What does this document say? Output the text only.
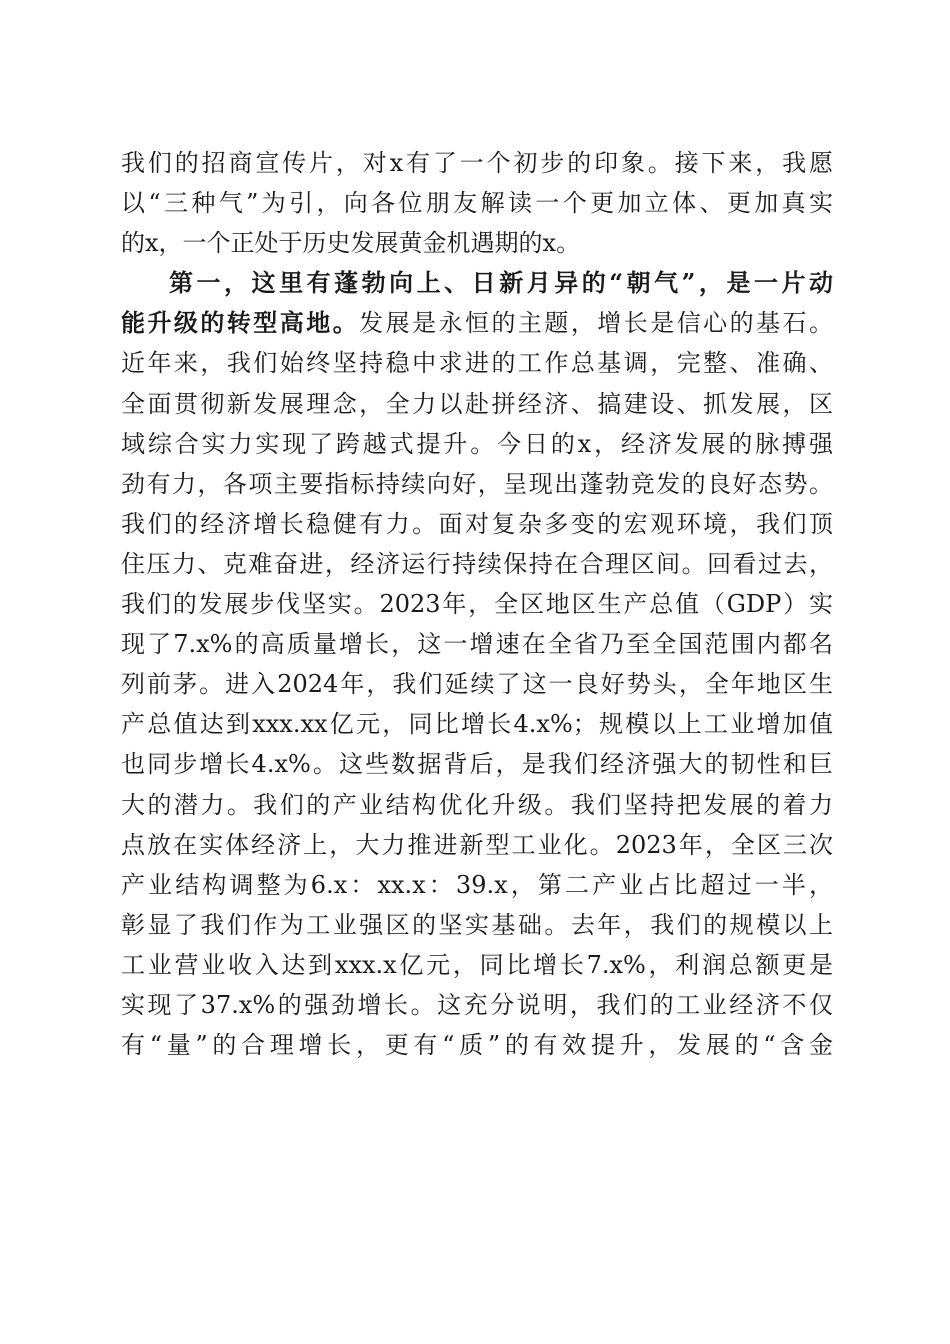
我们的招商宣传片，对x有了一个初步的印象。接下来，我愿
以“三种气”为引，向各位朋友解读一个更加立体、更加真实
的x，一个正处于历史发展黄金机遇期的x。
第一，这里有蓬勃向上、日新月异的“朝气”，是一片动
能升级的转型高地。发展是永恒的主题，增长是信心的基石。
近年来，我们始终坚持稳中求进的工作总基调，完整、准确、
全面贯彻新发展理念，全力以赴拼经济、搞建设、抓发展，区
域综合实力实现了跨越式提升。今日的x，经济发展的脉搏强
劲有力，各项主要指标持续向好，呈现出蓬勃竞发的良好态势。
我们的经济增长稳健有力。面对复杂多变的宏观环境，我们顶
住压力、克难奋进，经济运行持续保持在合理区间。回看过去，
我们的发展步伐坚实。2023年，全区地区生产总值（GDP）实
现了7.x%的高质量增长，这一增速在全省乃至全国范围内都名
列前茅。进入2024年，我们延续了这一良好势头，全年地区生
产总值达到xxx.xx亿元，同比增长4.x%；规模以上工业增加值
也同步增长4.x%。这些数据背后，是我们经济强大的韧性和巨
大的潜力。我们的产业结构优化升级。我们坚持把发展的着力
点放在实体经济上，大力推进新型工业化。2023年，全区三次
产业结构调整为6.x：xx.x：39.x，第二产业占比超过一半，
彰显了我们作为工业强区的坚实基础。去年，我们的规模以上
工业营业收入达到xxx.x亿元，同比增长7.x%，利润总额更是
实现了37.x%的强劲增长。这充分说明，我们的工业经济不仅
有“量”的合理增长，更有“质”的有效提升，发展的“含金
